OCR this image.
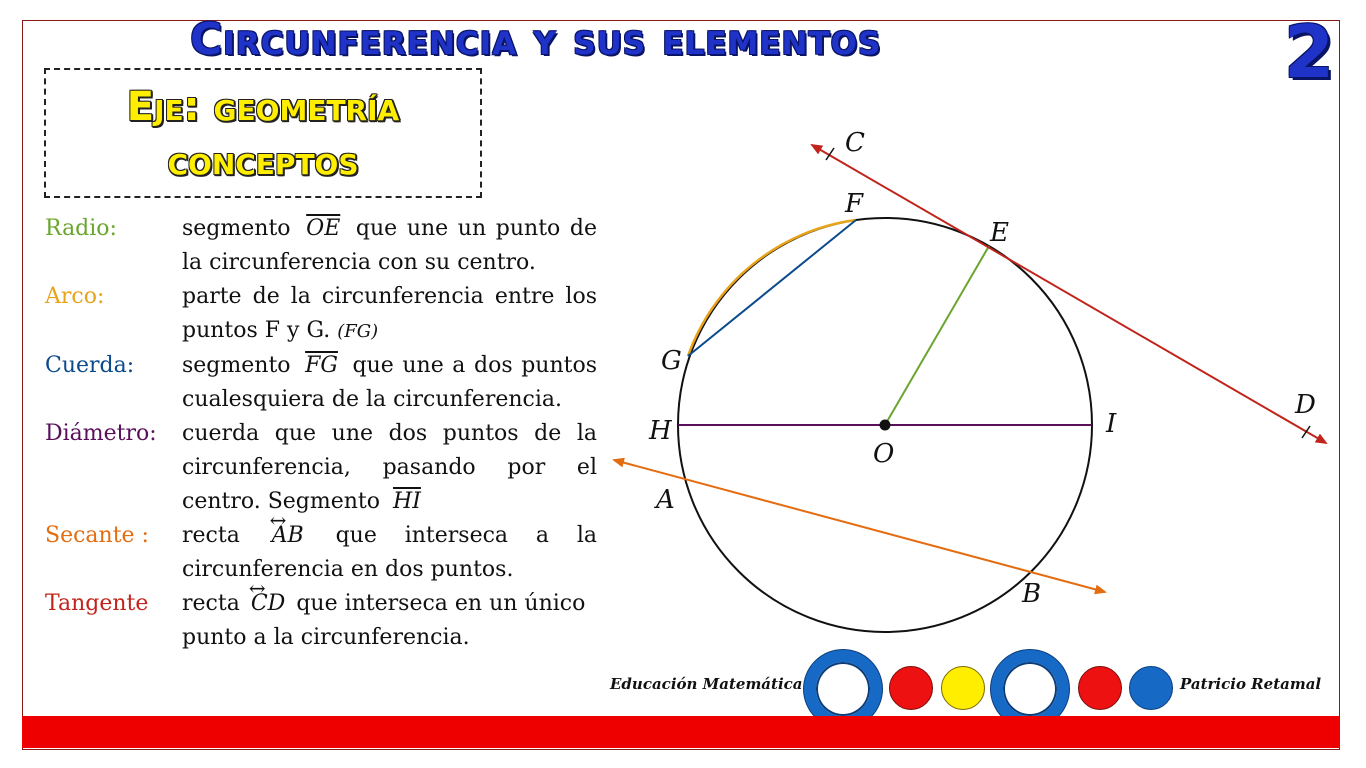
Circunferencia y sus elementos	2
Eje: geometría
conceptos
Radio:	segmento $\overline{OE}$ que une un punto de la circunferencia con su centro.
Arco:	parte de la circunferencia entre los puntos F y G. (FG)
Cuerda:	segmento $\overline{FG}$ que une a dos puntos cualesquiera de la circunferencia.
Diámetro:	cuerda que une dos puntos de la circunferencia, pasando por el centro. Segmento $\overline{HI}$
Secante :	recta ↔ AB que interseca a la circunferencia en dos puntos.
Tangente	recta ↔ CD que interseca en un único punto a la circunferencia.
C
F
E
G
D
H	I
O
A
B
Educación Matemática	Patricio Retamal
